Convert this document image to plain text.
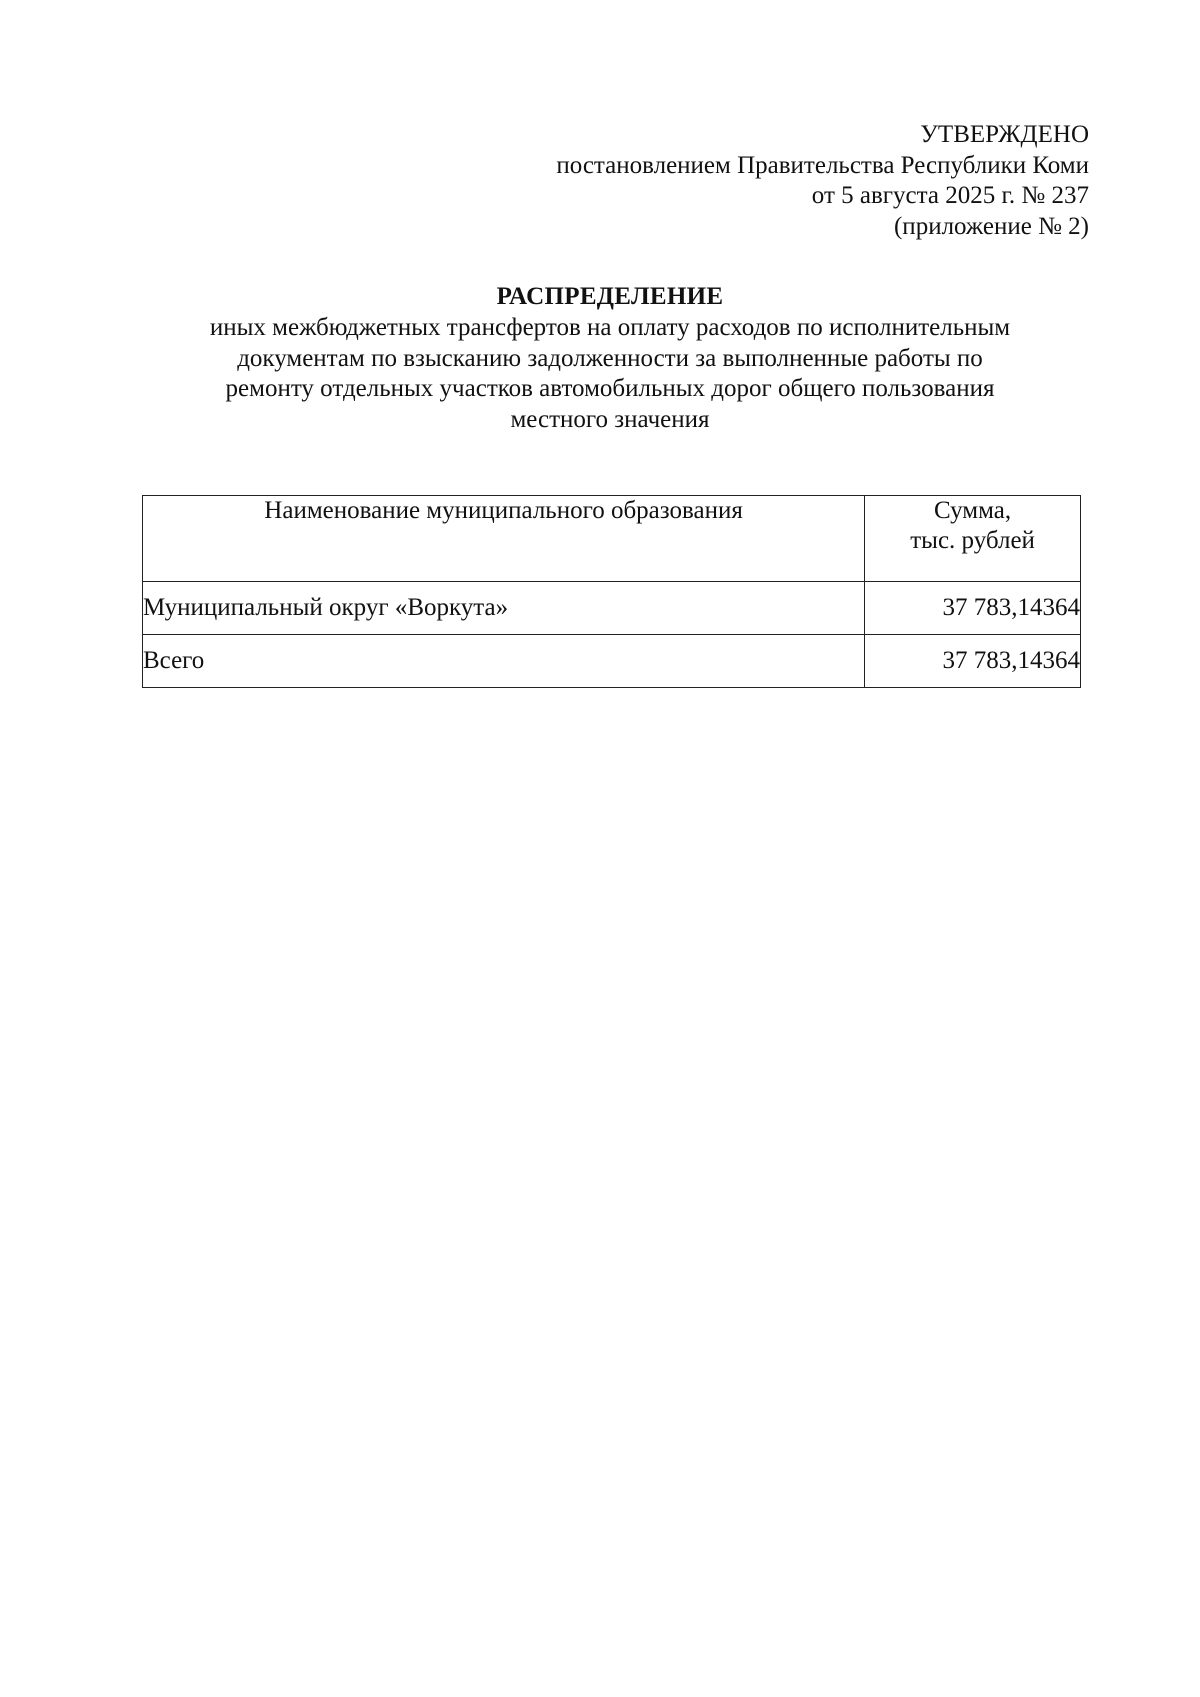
УТВЕРЖДЕНО
постановлением Правительства Республики Коми
от 5 августа 2025 г. № 237
(приложение № 2)
РАСПРЕДЕЛЕНИЕ
иных межбюджетных трансфертов на оплату расходов по исполнительным
документам по взысканию задолженности за выполненные работы по
ремонту отдельных участков автомобильных дорог общего пользования
местного значения
Наименование муниципального образования	Сумма,
тыс. рублей

Муниципальный округ «Воркута»	37 783,14364
Всего	37 783,14364
